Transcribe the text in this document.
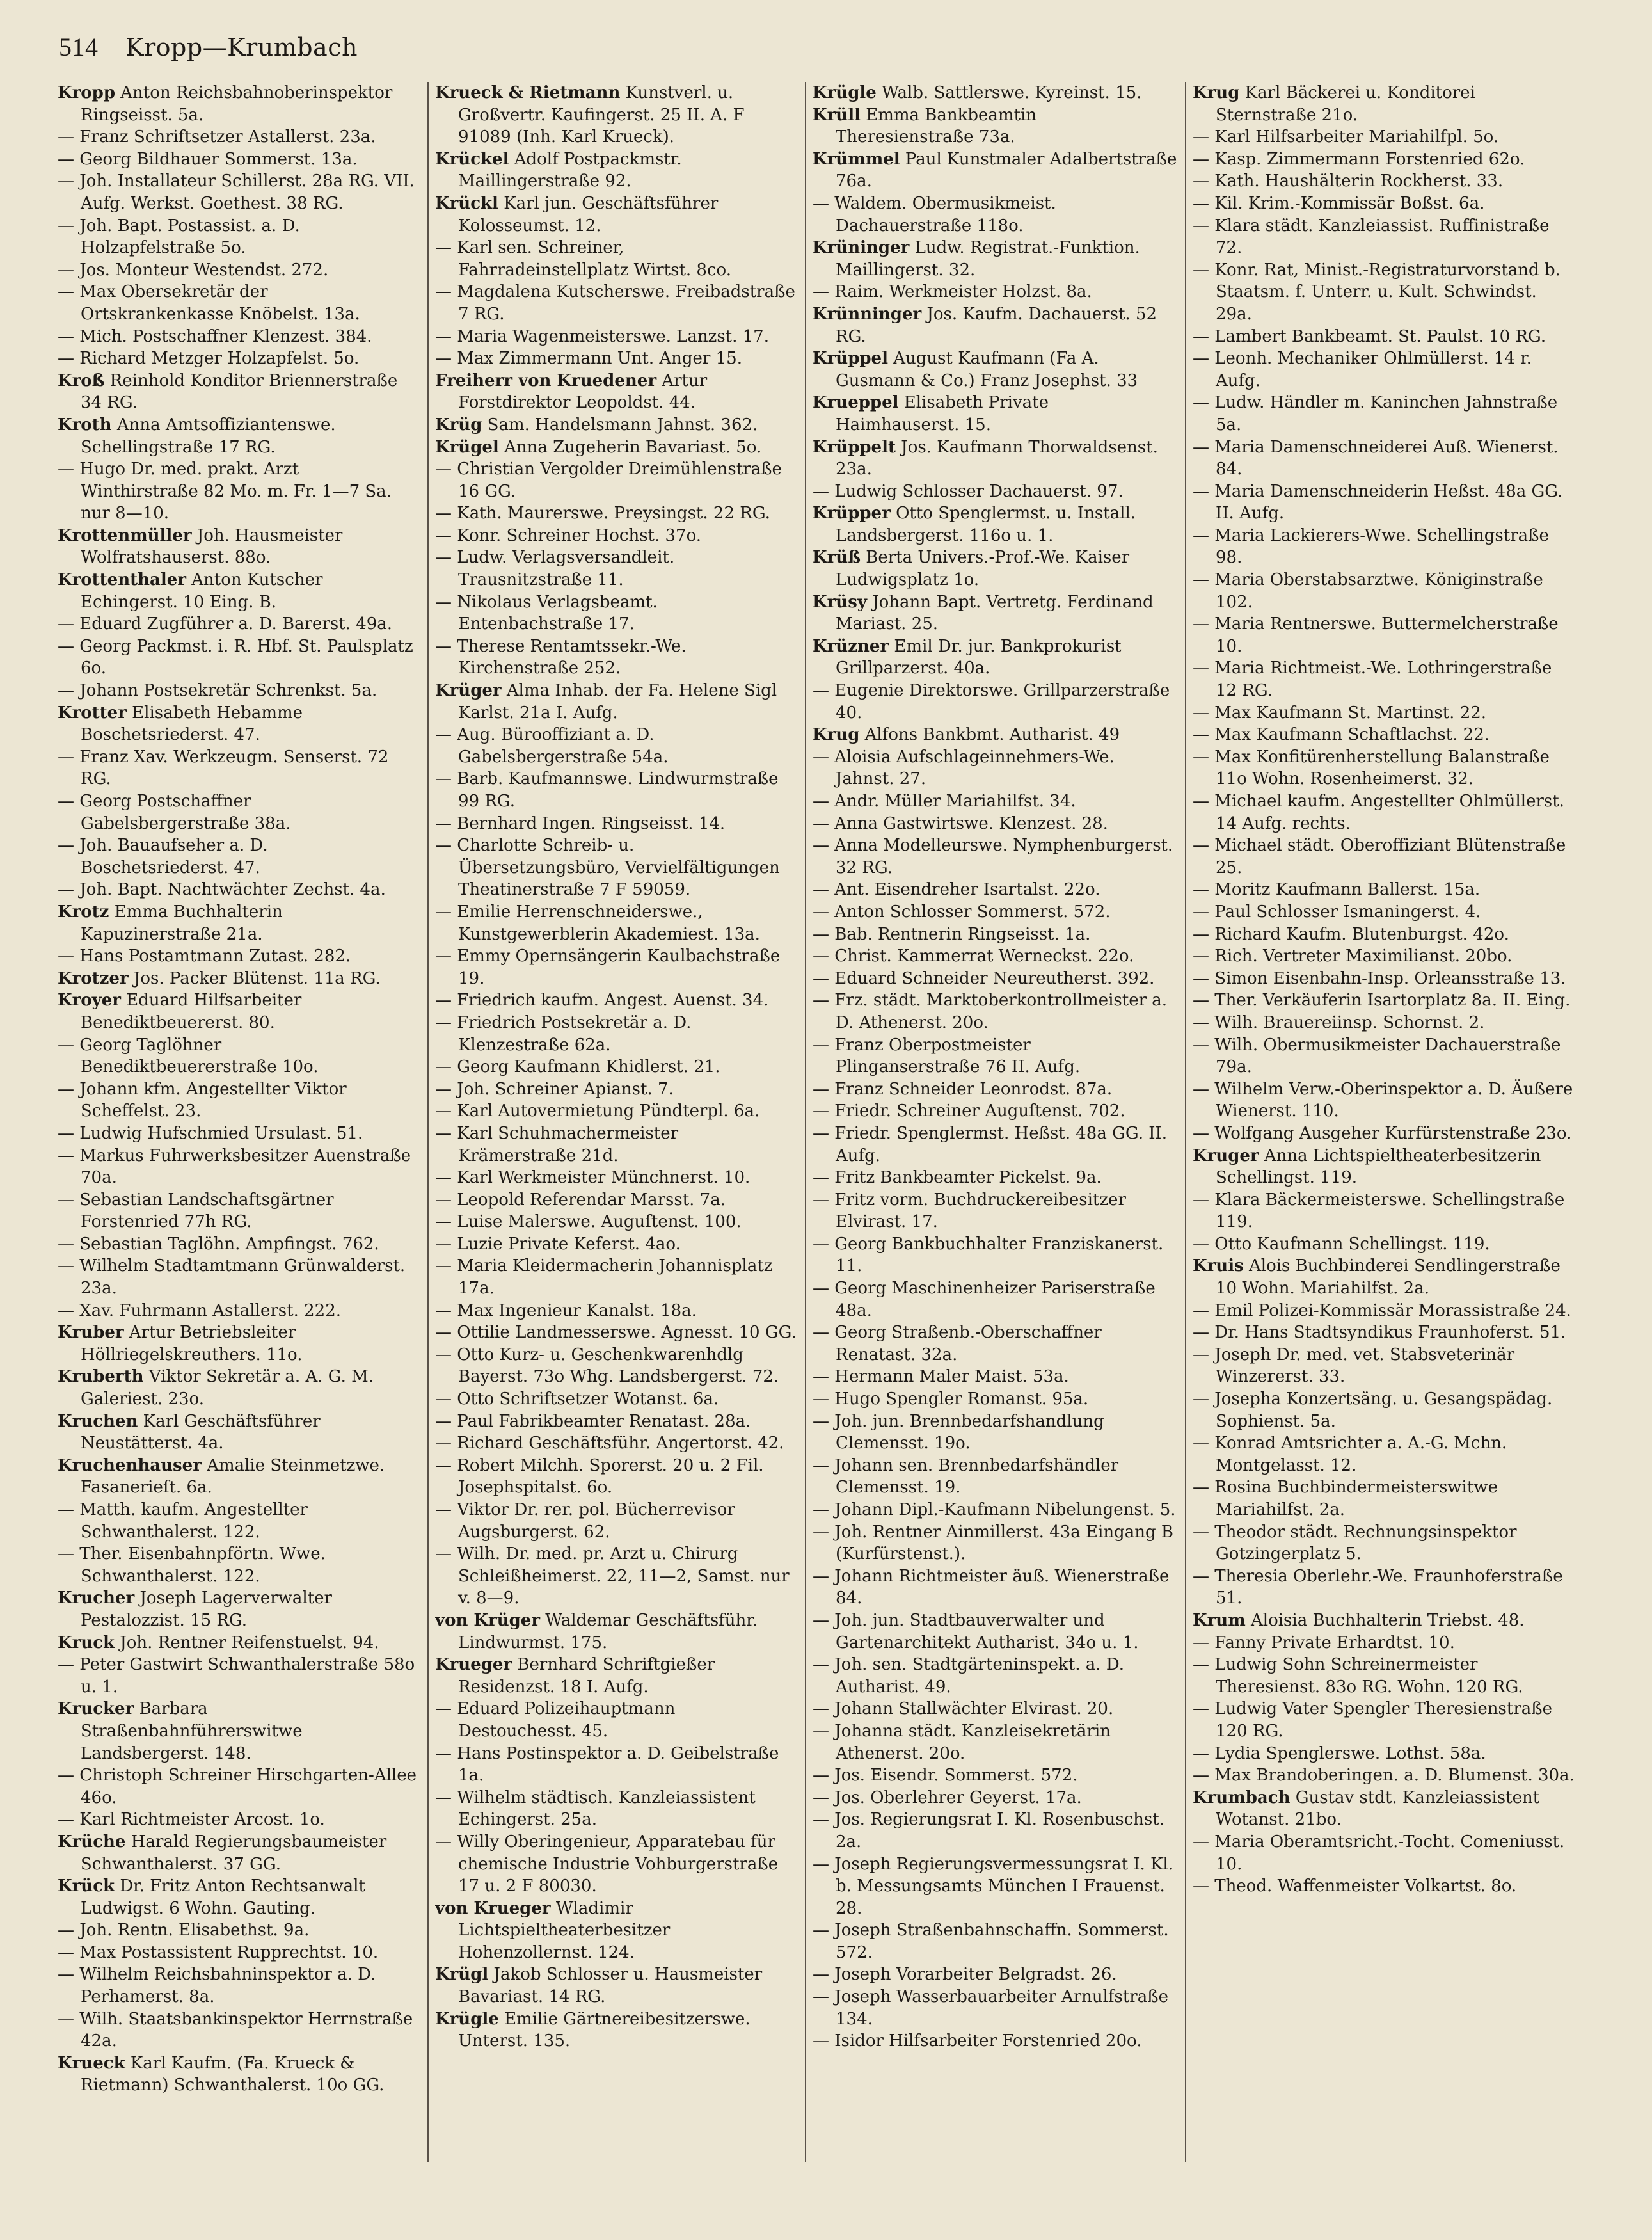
514 Kropp—Krumbach
Kropp Anton Reichsbahnoberinspektor Ringseisst. 5a.
— Franz Schriftsetzer Astallerst. 23a.
— Georg Bildhauer Sommerst. 13a.
— Joh. Installateur Schillerst. 28a RG. VII. Aufg. Werkst. Goethest. 38 RG.
— Joh. Bapt. Postassist. a. D. Holzapfelstraße 5o.
— Jos. Monteur Westendst. 272.
— Max Obersekretär der Ortskrankenkasse Knöbelst. 13a.
— Mich. Postschaffner Klenzest. 384.
— Richard Metzger Holzapfelst. 5o.
Kroß Reinhold Konditor Briennerstraße 34 RG.
Kroth Anna Amtsoffiziantenswe. Schellingstraße 17 RG.
— Hugo Dr. med. prakt. Arzt Winthirstraße 82 Mo. m. Fr. 1—7 Sa. nur 8—10.
Krottenmüller Joh. Hausmeister Wolfratshauserst. 88o.
Krottenthaler Anton Kutscher Echingerst. 10 Eing. B.
— Eduard Zugführer a. D. Barerst. 49a.
— Georg Packmst. i. R. Hbf. St. Paulsplatz 6o.
— Johann Postsekretär Schrenkst. 5a.
Krotter Elisabeth Hebamme Boschetsriederst. 47.
— Franz Xav. Werkzeugm. Senserst. 72 RG.
— Georg Postschaffner Gabelsbergerstraße 38a.
— Joh. Bauaufseher a. D. Boschetsriederst. 47.
— Joh. Bapt. Nachtwächter Zechst. 4a.
Krotz Emma Buchhalterin Kapuzinerstraße 21a.
— Hans Postamtmann Zutast. 282.
Krotzer Jos. Packer Blütenst. 11a RG.
Kroyer Eduard Hilfsarbeiter Benediktbeuererst. 80.
— Georg Taglöhner Benediktbeuererstraße 10o.
— Johann kfm. Angestellter Viktor Scheffelst. 23.
— Ludwig Hufschmied Ursulast. 51.
— Markus Fuhrwerksbesitzer Auenstraße 70a.
— Sebastian Landschaftsgärtner Forstenried 77h RG.
— Sebastian Taglöhn. Ampfingst. 762.
— Wilhelm Stadtamtmann Grünwalderst. 23a.
— Xav. Fuhrmann Astallerst. 222.
Kruber Artur Betriebsleiter Höllriegelskreuthers. 11o.
Kruberth Viktor Sekretär a. A. G. M. Galeriest. 23o.
Kruchen Karl Geschäftsführer Neustätterst. 4a.
Kruchenhauser Amalie Steinmetzwe. Fasanerieſt. 6a.
— Matth. kaufm. Angestellter Schwanthalerst. 122.
— Ther. Eisenbahnpförtn. Wwe. Schwanthalerst. 122.
Krucher Joseph Lagerverwalter Pestalozzist. 15 RG.
Kruck Joh. Rentner Reifenstuelst. 94.
— Peter Gastwirt Schwanthalerstraße 58o u. 1.
Krucker Barbara Straßenbahnführerswitwe Landsbergerst. 148.
— Christoph Schreiner Hirschgarten-Allee 46o.
— Karl Richtmeister Arcost. 1o.
Krüche Harald Regierungsbaumeister Schwanthalerst. 37 GG.
Krück Dr. Fritz Anton Rechtsanwalt Ludwigst. 6 Wohn. Gauting.
— Joh. Rentn. Elisabethst. 9a.
— Max Postassistent Rupprechtst. 10.
— Wilhelm Reichsbahninspektor a. D. Perhamerst. 8a.
— Wilh. Staatsbankinspektor Herrnstraße 42a.
Krueck Karl Kaufm. (Fa. Krueck & Rietmann) Schwanthalerst. 10o GG.
Krueck & Rietmann Kunstverl. u. Großvertr. Kaufingerst. 25 II. A. F 91089 (Inh. Karl Krueck).
Krückel Adolf Postpackmstr. Maillingerstraße 92.
Krückl Karl jun. Geschäftsführer Kolosseumst. 12.
— Karl sen. Schreiner, Fahrradeinstellplatz Wirtst. 8co.
— Magdalena Kutscherswe. Freibadstraße 7 RG.
— Maria Wagenmeisterswe. Lanzst. 17.
— Max Zimmermann Unt. Anger 15.
Freiherr von Kruedener Artur Forstdirektor Leopoldst. 44.
Krüg Sam. Handelsmann Jahnst. 362.
Krügel Anna Zugeherin Bavariast. 5o.
— Christian Vergolder Dreimühlenstraße 16 GG.
— Kath. Maurerswe. Preysingst. 22 RG.
— Konr. Schreiner Hochst. 37o.
— Ludw. Verlagsversandleit. Trausnitzstraße 11.
— Nikolaus Verlagsbeamt. Entenbachstraße 17.
— Therese Rentamtssekr.-We. Kirchenstraße 252.
Krüger Alma Inhab. der Fa. Helene Sigl Karlst. 21a I. Aufg.
— Aug. Bürooffiziant a. D. Gabelsbergerstraße 54a.
— Barb. Kaufmannswe. Lindwurmstraße 99 RG.
— Bernhard Ingen. Ringseisst. 14.
— Charlotte Schreib- u. Übersetzungsbüro, Vervielfältigungen Theatinerstraße 7 F 59059.
— Emilie Herrenschneiderswe., Kunstgewerblerin Akademiest. 13a.
— Emmy Opernsängerin Kaulbachstraße 19.
— Friedrich kaufm. Angest. Auenst. 34.
— Friedrich Postsekretär a. D. Klenzestraße 62a.
— Georg Kaufmann Khidlerst. 21.
— Joh. Schreiner Apianst. 7.
— Karl Autovermietung Pündterpl. 6a.
— Karl Schuhmachermeister Krämerstraße 21d.
— Karl Werkmeister Münchnerst. 10.
— Leopold Referendar Marsst. 7a.
— Luise Malerswe. Auguſtenst. 100.
— Luzie Private Keferst. 4ao.
— Maria Kleidermacherin Johannisplatz 17a.
— Max Ingenieur Kanalst. 18a.
— Ottilie Landmesserswe. Agnesst. 10 GG.
— Otto Kurz- u. Geschenkwarenhdlg Bayerst. 73o Whg. Landsbergerst. 72.
— Otto Schriftsetzer Wotanst. 6a.
— Paul Fabrikbeamter Renatast. 28a.
— Richard Geschäftsführ. Angertorst. 42.
— Robert Milchh. Sporerst. 20 u. 2 Fil. Josephspitalst. 6o.
— Viktor Dr. rer. pol. Bücherrevisor Augsburgerst. 62.
— Wilh. Dr. med. pr. Arzt u. Chirurg Schleißheimerst. 22, 11—2, Samst. nur v. 8—9.
von Krüger Waldemar Geschäftsführ. Lindwurmst. 175.
Krueger Bernhard Schriftgießer Residenzst. 18 I. Aufg.
— Eduard Polizeihauptmann Destouchesst. 45.
— Hans Postinspektor a. D. Geibelstraße 1a.
— Wilhelm städtisch. Kanzleiassistent Echingerst. 25a.
— Willy Oberingenieur, Apparatebau für chemische Industrie Vohburgerstraße 17 u. 2 F 80030.
von Krueger Wladimir Lichtspieltheaterbesitzer Hohenzollernst. 124.
Krügl Jakob Schlosser u. Hausmeister Bavariast. 14 RG.
Krügle Emilie Gärtnereibesitzerswe. Unterst. 135.
Krügle Walb. Sattlerswe. Kyreinst. 15.
Krüll Emma Bankbeamtin Theresienstraße 73a.
Krümmel Paul Kunstmaler Adalbertstraße 76a.
— Waldem. Obermusikmeist. Dachauerstraße 118o.
Krüninger Ludw. Registrat.-Funktion. Maillingerst. 32.
— Raim. Werkmeister Holzst. 8a.
Krünninger Jos. Kaufm. Dachauerst. 52 RG.
Krüppel August Kaufmann (Fa A. Gusmann & Co.) Franz Josephst. 33
Krueppel Elisabeth Private Haimhauserst. 15.
Krüppelt Jos. Kaufmann Thorwaldsenst. 23a.
— Ludwig Schlosser Dachauerst. 97.
Krüpper Otto Spenglermst. u. Install. Landsbergerst. 116o u. 1.
Krüß Berta Univers.-Prof.-We. Kaiser Ludwigsplatz 1o.
Krüsy Johann Bapt. Vertretg. Ferdinand Mariast. 25.
Krüzner Emil Dr. jur. Bankprokurist Grillparzerst. 40a.
— Eugenie Direktorswe. Grillparzerstraße 40.
Krug Alfons Bankbmt. Autharist. 49
— Aloisia Aufschlageinnehmers-We. Jahnst. 27.
— Andr. Müller Mariahilfst. 34.
— Anna Gastwirtswe. Klenzest. 28.
— Anna Modelleurswe. Nymphenburgerst. 32 RG.
— Ant. Eisendreher Isartalst. 22o.
— Anton Schlosser Sommerst. 572.
— Bab. Rentnerin Ringseisst. 1a.
— Christ. Kammerrat Werneckst. 22o.
— Eduard Schneider Neureutherst. 392.
— Frz. städt. Marktoberkontrollmeister a. D. Athenerst. 20o.
— Franz Oberpostmeister Plinganserstraße 76 II. Aufg.
— Franz Schneider Leonrodst. 87a.
— Friedr. Schreiner Auguſtenst. 702.
— Friedr. Spenglermst. Heßst. 48a GG. II. Aufg.
— Fritz Bankbeamter Pickelst. 9a.
— Fritz vorm. Buchdruckereibesitzer Elvirast. 17.
— Georg Bankbuchhalter Franziskanerst. 11.
— Georg Maschinenheizer Pariserstraße 48a.
— Georg Straßenb.-Oberschaffner Renatast. 32a.
— Hermann Maler Maist. 53a.
— Hugo Spengler Romanst. 95a.
— Joh. jun. Brennbedarfshandlung Clemensst. 19o.
— Johann sen. Brennbedarfshändler Clemensst. 19.
— Johann Dipl.-Kaufmann Nibelungenst. 5.
— Joh. Rentner Ainmillerst. 43a Eingang B (Kurfürstenst.).
— Johann Richtmeister äuß. Wienerstraße 84.
— Joh. jun. Stadtbauverwalter und Gartenarchitekt Autharist. 34o u. 1.
— Joh. sen. Stadtgärteninspekt. a. D. Autharist. 49.
— Johann Stallwächter Elvirast. 20.
— Johanna städt. Kanzleisekretärin Athenerst. 20o.
— Jos. Eisendr. Sommerst. 572.
— Jos. Oberlehrer Geyerst. 17a.
— Jos. Regierungsrat I. Kl. Rosenbuschst. 2a.
— Joseph Regierungsvermessungsrat I. Kl. b. Messungsamts München I Frauenst. 28.
— Joseph Straßenbahnschaffn. Sommerst. 572.
— Joseph Vorarbeiter Belgradst. 26.
— Joseph Wasserbauarbeiter Arnulfstraße 134.
— Isidor Hilfsarbeiter Forstenried 20o.
Krug Karl Bäckerei u. Konditorei Sternstraße 21o.
— Karl Hilfsarbeiter Mariahilfpl. 5o.
— Kasp. Zimmermann Forstenried 62o.
— Kath. Haushälterin Rockherst. 33.
— Kil. Krim.-Kommissär Boßst. 6a.
— Klara städt. Kanzleiassist. Ruffinistraße 72.
— Konr. Rat, Minist.-Registraturvorstand b. Staatsm. f. Unterr. u. Kult. Schwindst. 29a.
— Lambert Bankbeamt. St. Paulst. 10 RG.
— Leonh. Mechaniker Ohlmüllerst. 14 r. Aufg.
— Ludw. Händler m. Kaninchen Jahnstraße 5a.
— Maria Damenschneiderei Auß. Wienerst. 84.
— Maria Damenschneiderin Heßst. 48a GG. II. Aufg.
— Maria Lackierers-Wwe. Schellingstraße 98.
— Maria Oberstabsarztwe. Königinstraße 102.
— Maria Rentnerswe. Buttermelcherstraße 10.
— Maria Richtmeist.-We. Lothringerstraße 12 RG.
— Max Kaufmann St. Martinst. 22.
— Max Kaufmann Schaftlachst. 22.
— Max Konfitürenherstellung Balanstraße 11o Wohn. Rosenheimerst. 32.
— Michael kaufm. Angestellter Ohlmüllerst. 14 Aufg. rechts.
— Michael städt. Oberoffiziant Blütenstraße 25.
— Moritz Kaufmann Ballerst. 15a.
— Paul Schlosser Ismaningerst. 4.
— Richard Kaufm. Blutenburgst. 42o.
— Rich. Vertreter Maximilianst. 20bo.
— Simon Eisenbahn-Insp. Orleansstraße 13.
— Ther. Verkäuferin Isartorplatz 8a. II. Eing.
— Wilh. Brauereiinsp. Schornst. 2.
— Wilh. Obermusikmeister Dachauerstraße 79a.
— Wilhelm Verw.-Oberinspektor a. D. Äußere Wienerst. 110.
— Wolfgang Ausgeher Kurfürstenstraße 23o.
Kruger Anna Lichtspieltheaterbesitzerin Schellingst. 119.
— Klara Bäckermeisterswe. Schellingstraße 119.
— Otto Kaufmann Schellingst. 119.
Kruis Alois Buchbinderei Sendlingerstraße 10 Wohn. Mariahilfst. 2a.
— Emil Polizei-Kommissär Morassistraße 24.
— Dr. Hans Stadtsyndikus Fraunhoferst. 51.
— Joseph Dr. med. vet. Stabsveterinär Winzererst. 33.
— Josepha Konzertsäng. u. Gesangspädag. Sophienst. 5a.
— Konrad Amtsrichter a. A.-G. Mchn. Montgelasst. 12.
— Rosina Buchbindermeisterswitwe Mariahilfst. 2a.
— Theodor städt. Rechnungsinspektor Gotzingerplatz 5.
— Theresia Oberlehr.-We. Fraunhoferstraße 51.
Krum Aloisia Buchhalterin Triebst. 48.
— Fanny Private Erhardtst. 10.
— Ludwig Sohn Schreinermeister Theresienst. 83o RG. Wohn. 120 RG.
— Ludwig Vater Spengler Theresienstraße 120 RG.
— Lydia Spenglerswe. Lothst. 58a.
— Max Brandoberingen. a. D. Blumenst. 30a.
Krumbach Gustav stdt. Kanzleiassistent Wotanst. 21bo.
— Maria Oberamtsricht.-Tocht. Comeniusst. 10.
— Theod. Waffenmeister Volkartst. 8o.
